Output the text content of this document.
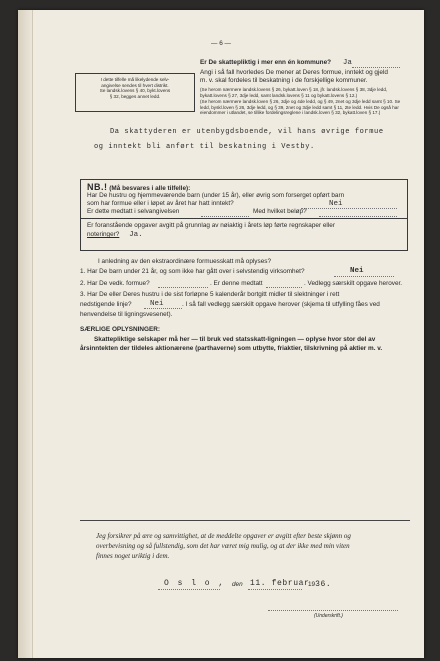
— 6 —
Er De skattepliktig i mer enn én kommune? Ja
Angi i så fall hvorledes De mener at Deres formue, inntekt og gjeld
m. v. skal fordeles til beskatning i de forskjellige kommuner.
(Se herom nærmere landsk.lovens § 26, bykatt.loven § 18, jfr. landsk.lovens § 38, 3dje ledd, bykatt.lovens § 27, 3dje ledd, samt landsk.lovens § 11 og bykatt.lovens § 12.)
(Se herom nærmere landsk.loven § 26, 3dje og 4de ledd, og § 49, 2net og 3dje ledd samt § 10. Se ledd, byskl.loven § 26, 3dje ledd, og § 39, 2net og 3dje ledd samt § 11, 2te ledd. Hvis De også har eiendommer i utlandet, se tillike fordelingsreglene i landsk.loven § 32, bykatt.loven § 17.)
I dette tilfelle må likelydende selv-
angivelse sendes til hvert distrikt.
Se landsk.lovens § 40, bykt.lovens
§ 32, begges annet ledd.
Da skattyderen er utenbygdsboende, vil hans øvrige formue
og inntekt bli anført til beskatning i Vestby.
NB.! (Må besvares i alle tilfelle):
Har De hustru og hjemmeværende barn (under 15 år), eller øvrig som forserget opført barn
som har formue eller i løpet av året har hatt inntekt?	Nei
Er dette medtatt i selvangivelsen	Med hvilket beløp?
Er foranstående opgaver avgitt på grunnlag av nøiaktig i årets løp førte regnskaper eller
noteringer? Ja.
I anledning av den ekstraordinære formuesskatt må oplyses?
1. Har De barn under 21 år, og som ikke har gått over i selvstendig virksomhet?	Nei
2. Har De vedk. formue?	. Er denne medtatt	. Vedlegg særskilt opgave herover.
3. Har De eller Deres hustru i de sist forløpne 5 kalenderår bortgitt midler til slektninger i rett
nedstigende linje? Nei	. I så fall vedlegg særskilt opgave herover (skjema til utfylling fåes ved
henvendelse til ligningsvesenet).
SÆRLIGE OPLYSNINGER:
Skattepliktige selskaper må her — til bruk ved statsskatt-ligningen — oplyse hvor stor del av
årsinntekten der tildeles aktionærene (parthaverne) som utbytte, friaktier, tilskrivning på aktier m. v.
Jeg forsikrer på ære og samvittighet, at de meddelte opgaver er avgitt efter beste skjønn og
overbevisning og så fullstendig, som det har været mig mulig, og at der ikke med min viten
finnes noget uriktig i dem.
O s l o , den 11. februar
1936.
(Underskrift.)
